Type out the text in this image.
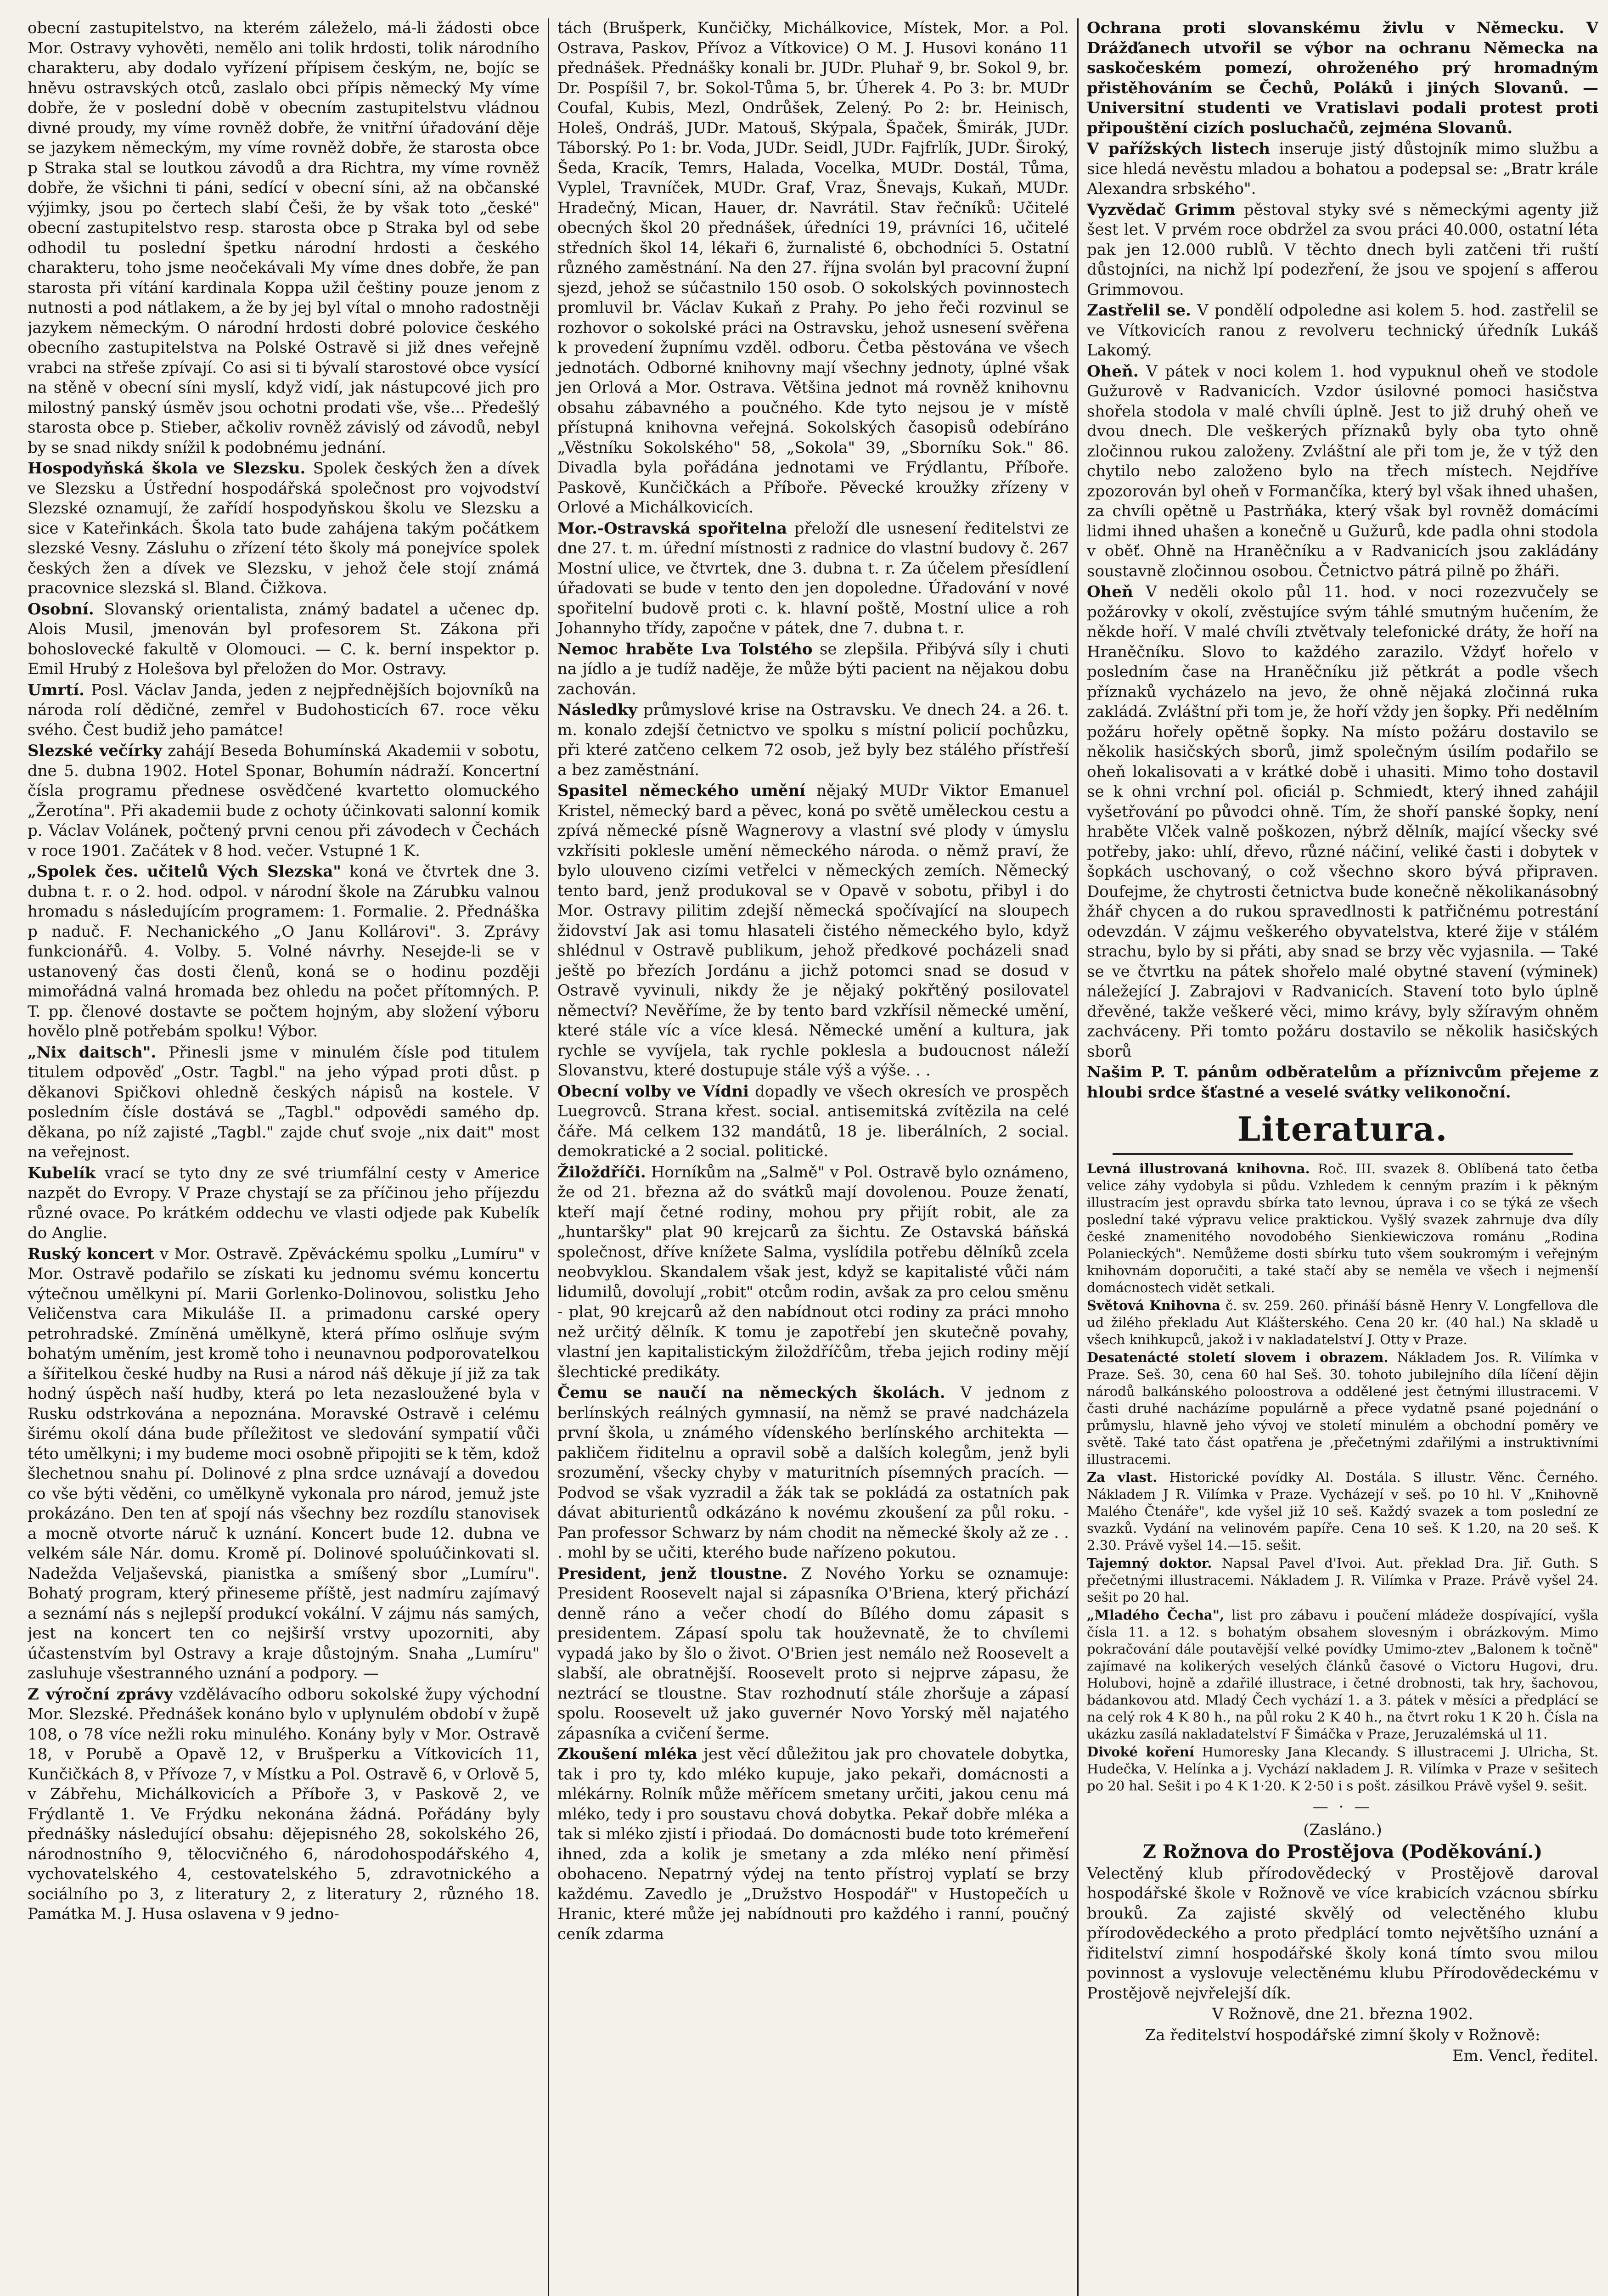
obecní zastupitelstvo, na kterém záleželo, má-li žádosti obce Mor. Ostravy vyhověti, nemělo ani tolik hrdosti, tolik národního charakteru, aby dodalo vyřízení přípisem českým, ne, bojíc se hněvu ostravských otců, zaslalo obci přípis německý My víme dobře, že v poslední době v obecním zastupitelstvu vládnou divné proudy, my víme rovněž dobře, že vnitřní úřadování děje se jazykem německým, my víme rovněž dobře, že starosta obce p Straka stal se loutkou závodů a dra Richtra, my víme rovněž dobře, že všichni ti páni, sedící v obecní síni, až na občanské výjimky, jsou po čertech slabí Češi, že by však toto „české" obecní zastupitelstvo resp. starosta obce p Straka byl od sebe odhodil tu poslední špetku národní hrdosti a českého charakteru, toho jsme neočekávali My víme dnes dobře, že pan starosta při vítání kardinala Koppa užil češtiny pouze jenom z nutnosti a pod nátlakem, a že by jej byl vítal o mnoho radostněji jazykem německým. O národní hrdosti dobré polovice českého obecního zastupitelstva na Polské Ostravě si již dnes veřejně vrabci na střeše zpívají. Co asi si ti bývalí starostové obce vysící na stěně v obecní síni myslí, když vidí, jak nástupcové jich pro milostný panský úsměv jsou ochotni prodati vše, vše... Předešlý starosta obce p. Stieber, ačkoliv rovněž závislý od závodů, nebyl by se snad nikdy snížil k podobnému jednání.
Hospodyňská škola ve Slezsku. Spolek českých žen a dívek ve Slezsku a Ústřední hospodářská společnost pro vojvodství Slezské oznamují, že zařídí hospodyňskou školu ve Slezsku a sice v Kateřinkách. Škola tato bude zahájena takým počátkem slezské Vesny. Zásluhu o zřízení této školy má ponejvíce spolek českých žen a dívek ve Slezsku, v jehož čele stojí známá pracovnice slezská sl. Bland. Čižkova.
Osobní. Slovanský orientalista, známý badatel a učenec dp. Alois Musil, jmenován byl profesorem St. Zákona při bohoslovecké fakultě v Olomouci. — C. k. berní inspektor p. Emil Hrubý z Holešova byl přeložen do Mor. Ostravy.
Umrtí. Posl. Václav Janda, jeden z nejpřednějších bojovníků na národa rolí dědičné, zemřel v Budohosticích 67. roce věku svého. Čest budiž jeho památce!
Slezské večírky zahájí Beseda Bohumínská Akademii v sobotu, dne 5. dubna 1902. Hotel Sponar, Bohumín nádraží. Koncertní čísla programu přednese osvědčené kvartetto olomuckého „Žerotína". Při akademii bude z ochoty účinkovati salonní komik p. Václav Volánek, počtený prvni cenou při závodech v Čechách v roce 1901. Začátek v 8 hod. večer. Vstupné 1 K.
„Spolek čes. učitelů Vých Slezska" koná ve čtvrtek dne 3. dubna t. r. o 2. hod. odpol. v národní škole na Zárubku valnou hromadu s následujícím programem: 1. Formalie. 2. Přednáška p naduč. F. Nechanického „O Janu Kollárovi". 3. Zprávy funkcionářů. 4. Volby. 5. Volné návrhy. Nesejde-li se v ustanovený čas dosti členů, koná se o hodinu později mimořádná valná hromada bez ohledu na počet přítomných. P. T. pp. členové dostavte se počtem hojným, aby složení výboru hovělo plně potřebám spolku! Výbor.
„Nix daitsch". Přinesli jsme v minulém čísle pod titulem titulem odpověď „Ostr. Tagbl." na jeho výpad proti důst. p děkanovi Spičkovi ohledně českých nápisů na kostele. V posledním čísle dostává se „Tagbl." odpovědi samého dp. děkana, po níž zajisté „Tagbl." zajde chuť svoje „nix dait" most na veřejnost.
Kubelík vrací se tyto dny ze své triumfální cesty v Americe nazpět do Evropy. V Praze chystají se za příčinou jeho příjezdu různé ovace. Po krátkém oddechu ve vlasti odjede pak Kubelík do Anglie.
Ruský koncert v Mor. Ostravě. Zpěváckému spolku „Lumíru" v Mor. Ostravě podařilo se získati ku jednomu svému koncertu výtečnou umělkyni pí. Marii Gorlenko-Dolinovou, solistku Jeho Veličenstva cara Mikuláše II. a primadonu carské opery petrohradské. Zmíněná umělkyně, která přímo oslňuje svým bohatým uměním, jest kromě toho i neunavnou podporovatelkou a šířitelkou české hudby na Rusi a národ náš děkuje jí již za tak hodný úspěch naší hudby, která po leta nezasloužené byla v Rusku odstrkována a nepoznána. Moravské Ostravě i celému širému okolí dána bude příležitost ve sledování sympatií vůči této umělkyni; i my budeme moci osobně připojiti se k těm, kdož šlechetnou snahu pí. Dolinové z plna srdce uznávají a dovedou co vše býti věděni, co umělkyně vykonala pro národ, jemuž jste prokázáno. Den ten ať spojí nás všechny bez rozdílu stanovisek a mocně otvorte náruč k uznání. Koncert bude 12. dubna ve velkém sále Nár. domu. Kromě pí. Dolinové spoluúčinkovati sl. Nadežda Veljaševská, pianistka a smíšený sbor „Lumíru". Bohatý program, který přineseme příště, jest nadmíru zajímavý a seznámí nás s nejlepší produkcí vokální. V zájmu nás samých, jest na koncert ten co nejširší vrstvy upozorniti, aby účastenstvím byl Ostravy a kraje důstojným. Snaha „Lumíru" zasluhuje všestranného uznání a podpory. —
Z výroční zprávy vzdělávacího odboru sokolské župy východní Mor. Slezské. Přednášek konáno bylo v uplynulém období v župě 108, o 78 více nežli roku minulého. Konány byly v Mor. Ostravě 18, v Porubě a Opavě 12, v Brušperku a Vítkovicích 11, Kunčičkách 8, v Přívoze 7, v Místku a Pol. Ostravě 6, v Orlově 5, v Zábřehu, Michálkovicích a Příboře 3, v Paskově 2, ve Frýdlantě 1. Ve Frýdku nekonána žádná. Pořádány byly přednášky následující obsahu: dějepisného 28, sokolského 26, národnostního 9, tělocvičného 6, národohospodářského 4, vychovatelského 4, cestovatelského 5, zdravotnického a sociálního po 3, z literatury 2, z literatury 2, různého 18. Památka M. J. Husa oslavena v 9 jedno-
tách (Brušperk, Kunčičky, Michálkovice, Místek, Mor. a Pol. Ostrava, Paskov, Přívoz a Vítkovice) O M. J. Husovi konáno 11 přednášek. Přednášky konali br. JUDr. Pluhař 9, br. Sokol 9, br. Dr. Pospíšil 7, br. Sokol-Tůma 5, br. Úherek 4. Po 3: br. MUDr Coufal, Kubis, Mezl, Ondrůšek, Zelený. Po 2: br. Heinisch, Holeš, Ondráš, JUDr. Matouš, Skýpala, Špaček, Šmirák, JUDr. Táborský. Po 1: br. Voda, JUDr. Seidl, JUDr. Fajfrlík, JUDr. Široký, Šeda, Kracík, Temrs, Halada, Vocelka, MUDr. Dostál, Tůma, Vyplel, Travníček, MUDr. Graf, Vraz, Šnevajs, Kukaň, MUDr. Hradečný, Mican, Hauer, dr. Navrátil. Stav řečníků: Učitelé obecných škol 20 přednášek, úředníci 19, právníci 16, učitelé středních škol 14, lékaři 6, žurnalisté 6, obchodníci 5. Ostatní různého zaměstnání. Na den 27. října svolán byl pracovní župní sjezd, jehož se súčastnilo 150 osob. O sokolských povinnostech promluvil br. Václav Kukaň z Prahy. Po jeho řeči rozvinul se rozhovor o sokolské práci na Ostravsku, jehož usnesení svěřena k provedení župnímu vzděl. odboru. Četba pěstována ve všech jednotách. Odborné knihovny mají všechny jednoty, úplné však jen Orlová a Mor. Ostrava. Většina jednot má rovněž knihovnu obsahu zábavného a poučného. Kde tyto nejsou je v místě přístupná knihovna veřejná. Sokolských časopisů odebíráno „Věstníku Sokolského" 58, „Sokola" 39, „Sborníku Sok." 86. Divadla byla pořádána jednotami ve Frýdlantu, Příboře. Paskově, Kunčičkách a Příboře. Pěvecké kroužky zřízeny v Orlové a Michálkovicích.
Mor.-Ostravská spořitelna přeloží dle usnesení ředitelstvi ze dne 27. t. m. úřední místnosti z radnice do vlastní budovy č. 267 Mostní ulice, ve čtvrtek, dne 3. dubna t. r. Za účelem přesídlení úřadovati se bude v tento den jen dopoledne. Úřadování v nové spořitelní budově proti c. k. hlavní poště, Mostní ulice a roh Johannyho třídy, započne v pátek, dne 7. dubna t. r.
Nemoc hraběte Lva Tolstého se zlepšila. Přibývá síly i chuti na jídlo a je tudíž naděje, že může býti pacient na nějakou dobu zachován.
Následky průmyslové krise na Ostravsku. Ve dnech 24. a 26. t. m. konalo zdejší četnictvo ve spolku s místní policií pochůzku, při které zatčeno celkem 72 osob, jež byly bez stálého přístřeší a bez zaměstnání.
Spasitel německého umění nějaký MUDr Viktor Emanuel Kristel, německý bard a pěvec, koná po světě uměleckou cestu a zpívá německé písně Wagnerovy a vlastní své plody v úmyslu vzkřísiti poklesle umění německého národa. o němž praví, že bylo ulouveno cizími vetřelci v německých zemích. Německý tento bard, jenž produkoval se v Opavě v sobotu, přibyl i do Mor. Ostravy pilitim zdejší německá spočívající na sloupech židovství Jak asi tomu hlasateli čistého německého bylo, když shlédnul v Ostravě publikum, jehož předkové pocházeli snad ještě po březích Jordánu a jichž potomci snad se dosud v Ostravě vyvinuli, nikdy že je nějaký pokřtěný posilovatel němectví? Nevěříme, že by tento bard vzkřísil německé umění, které stále víc a více klesá. Německé umění a kultura, jak rychle se vyvíjela, tak rychle poklesla a budoucnost náleží Slovanstvu, které dostupuje stále výš a výše. . .
Obecní volby ve Vídni dopadly ve všech okresích ve prospěch Luegrovců. Strana křest. social. antisemitská zvítězila na celé čáře. Má celkem 132 mandátů, 18 je. liberálních, 2 social. demokratické a 2 social. politické.
Žiloždříči. Horníkům na „Salmě" v Pol. Ostravě bylo oznámeno, že od 21. března až do svátků mají dovolenou. Pouze ženatí, kteří mají četné rodiny, mohou pry přijít robit, ale za „huntaršky" plat 90 krejcarů za šichtu. Ze Ostavská báňská společnost, dříve knížete Salma, vyslídila potřebu dělníků zcela neobvyklou. Skandalem však jest, když se kapitalisté vůči nám lidumilů, dovolují „robit" otcům rodin, avšak za pro celou směnu - plat, 90 krejcarů až den nabídnout otci rodiny za práci mnoho než určitý dělník. K tomu je zapotřebí jen skutečně povahy, vlastní jen kapitalistickým žiloždříčům, třeba jejich rodiny mějí šlechtické predikáty.
Čemu se naučí na německých školách. V jednom z berlínských reálných gymnasií, na němž se pravé nadcházela první škola, u známého vídenského berlínského architekta — pakličem řiditelnu a opravil sobě a dalších kolegům, jenž byli srozumění, všecky chyby v maturitních písemných pracích. — Podvod se však vyzradil a žák tak se pokládá za ostatních pak dávat abiturientů odkázáno k novému zkoušení za půl roku. - Pan professor Schwarz by nám chodit na německé školy až ze . . . mohl by se učiti, kterého bude nařízeno pokutou.
President, jenž tloustne. Z Nového Yorku se oznamuje: President Roosevelt najal si zápasníka O'Briena, který přichází denně ráno a večer chodí do Bílého domu zápasit s presidentem. Zápasí spolu tak houževnatě, že to chvílemi vypadá jako by šlo o život. O'Brien jest nemálo než Roosevelt a slabší, ale obratnější. Roosevelt proto si nejprve zápasu, že neztrácí se tloustne. Stav rozhodnutí stále zhoršuje a zápasí spolu. Roosevelt už jako guvernér Novo Yorský měl najatého zápasníka a cvičení šerme.
Zkoušení mléka jest věcí důležitou jak pro chovatele dobytka, tak i pro ty, kdo mléko kupuje, jako pekaři, domácnosti a mlékárny. Rolník může měřícem smetany určiti, jakou cenu má mléko, tedy i pro soustavu chová dobytka. Pekař dobře mléka a tak si mléko zjistí i přiodaá. Do domácnosti bude toto krémeření ihned, zda a kolik je smetany a zda mléko není přiměsí obohaceno. Nepatrný výdej na tento přístroj vyplatí se brzy každému. Zavedlo je „Družstvo Hospodář" v Hustopečích u Hranic, které může jej nabídnouti pro každého i ranní, poučný ceník zdarma
Ochrana proti slovanskému živlu v Německu. V Drážďanech utvořil se výbor na ochranu Německa na saskočeském pomezí, ohroženého prý hromadným přistěhováním se Čechů, Poláků i jiných Slovanů. — Universitní studenti ve Vratislavi podali protest proti připouštění cizích posluchačů, zejména Slovanů.
V pařížských listech inseruje jistý důstojník mimo službu a sice hledá nevěstu mladou a bohatou a podepsal se: „Bratr krále Alexandra srbského".
Vyzvědač Grimm pěstoval styky své s německými agenty již šest let. V prvém roce obdržel za svou práci 40.000, ostatní léta pak jen 12.000 rublů. V těchto dnech byli zatčeni tři ruští důstojníci, na nichž lpí podezření, že jsou ve spojení s afferou Grimmovou.
Zastřelil se. V pondělí odpoledne asi kolem 5. hod. zastřelil se ve Vítkovicích ranou z revolveru technický úředník Lukáš Lakomý.
Oheň. V pátek v noci kolem 1. hod vypuknul oheň ve stodole Gužurově v Radvanicích. Vzdor úsilovné pomoci hasičstva shořela stodola v malé chvíli úplně. Jest to již druhý oheň ve dvou dnech. Dle veškerých příznaků byly oba tyto ohně zločinnou rukou založeny. Zvláštní ale při tom je, že v týž den chytilo nebo založeno bylo na třech místech. Nejdříve zpozorován byl oheň v Formančíka, který byl však ihned uhašen, za chvíli opětně u Pastrňáka, který však byl rovněž domácími lidmi ihned uhašen a konečně u Gužurů, kde padla ohni stodola v oběť. Ohně na Hraněčníku a v Radvanicích jsou zakládány soustavně zločinnou osobou. Četnictvo pátrá pilně po žháři.
Oheň V neděli okolo půl 11. hod. v noci rozezvučely se požárovky v okolí, zvěstujíce svým táhlé smutným hučením, že někde hoří. V malé chvíli ztvětvaly telefonické dráty, že hoří na Hraněčníku. Slovo to každého zarazilo. Vždyť hořelo v posledním čase na Hraněčníku již pětkrát a podle všech příznaků vycházelo na jevo, že ohně nějaká zločinná ruka zakládá. Zvláštní při tom je, že hoří vždy jen šopky. Při nedělním požáru hořely opětně šopky. Na místo požáru dostavilo se několik hasičských sborů, jimž společným úsilím podařilo se oheň lokalisovati a v krátké době i uhasiti. Mimo toho dostavil se k ohni vrchní pol. oficiál p. Schmiedt, který ihned zahájil vyšetřování po původci ohně. Tím, že shoří panské šopky, není hraběte Vlček valně poškozen, nýbrž dělník, mající všecky své potřeby, jako: uhlí, dřevo, různé náčiní, veliké časti i dobytek v šopkách uschovaný, o což všechno skoro bývá připraven. Doufejme, že chytrosti četnictva bude konečně několikanásobný žhář chycen a do rukou spravedlnosti k patřičnému potrestání odevzdán. V zájmu veškerého obyvatelstva, které žije v stálém strachu, bylo by si přáti, aby snad se brzy věc vyjasnila. — Také se ve čtvrtku na pátek shořelo malé obytné stavení (výminek) náležející J. Zabrajovi v Radvanicích. Stavení toto bylo úplně dřevěné, takže veškeré věci, mimo krávy, byly sžíravým ohněm zachváceny. Při tomto požáru dostavilo se několik hasičských sborů
Našim P. T. pánům odběratelům a příznivcům přejeme z hloubi srdce šťastné a veselé svátky velikonoční.
Literatura.
Levná illustrovaná knihovna. Roč. III. svazek 8. Oblíbená tato četba velice záhy vydobyla si půdu. Vzhledem k cenným prazím i k pěkným illustracím jest opravdu sbírka tato levnou, úprava i co se týká ze všech poslední také výpravu velice praktickou. Vyšlý svazek zahrnuje dva díly české znamenitého novodobého Sienkiewiczova románu „Rodina Polanieckých". Nemůžeme dosti sbírku tuto všem soukromým i veřejným knihovnám doporučiti, a také stačí aby se neměla ve všech i nejmenší domácnostech vidět setkali.
Světová Knihovna č. sv. 259. 260. přináší básně Henry V. Longfellova dle ud žilého překladu Aut Klášterského. Cena 20 kr. (40 hal.) Na skladě u všech knihkupců, jakož i v nakladatelství J. Otty v Praze.
Desatenácté století slovem i obrazem. Nákladem Jos. R. Vilímka v Praze. Seš. 30, cena 60 hal Seš. 30. tohoto jubilejního díla líčení dějin národů balkánského poloostrova a oddělené jest četnými illustracemi. V časti druhé nacházíme populárně a přece vydatně psané pojednání o průmyslu, hlavně jeho vývoj ve století minulém a obchodní poměry ve světě. Také tato část opatřena je ,přečetnými zdařilými a instruktivními illustracemi.
Za vlast. Historické povídky Al. Dostála. S illustr. Věnc. Černého. Nákladem J R. Vilímka v Praze. Vycházejí v seš. po 10 hl. V „Knihovně Malého Čtenáře", kde vyšel již 10 seš. Každý svazek a tom poslední ze svazků. Vydání na velinovém papíře. Cena 10 seš. K 1.20, na 20 seš. K 2.30. Právě vyšel 14.—15. sešit.
Tajemný doktor. Napsal Pavel d'Ivoi. Aut. překlad Dra. Jiř. Guth. S přečetnými illustracemi. Nákladem J. R. Vilímka v Praze. Právě vyšel 24. sešit po 20 hal.
„Mladého Čecha", list pro zábavu i poučení mládeže dospívající, vyšla čísla 11. a 12. s bohatým obsahem slovesným i obrázkovým. Mimo pokračování dále poutavější velké povídky Umimo-ztev „Balonem k točně" zajímavé na kolikerých veselých článků časové o Victoru Hugovi, dru. Holubovi, hojně a zdařilé illustrace, i četné drobnosti, tak hry, šachovou, bádankovou atd. Mladý Čech vychází 1. a 3. pátek v měsíci a předplácí se na celý rok 4 K 80 h., na půl roku 2 K 40 h., na čtvrt roku 1 K 20 h. Čísla na ukázku zasílá nakladatelství F Šimáčka v Praze, Jeruzalémská ul 11.
Divoké koření Humoresky Jana Klecandy. S illustracemi J. Ulricha, St. Hudečka, V. Helínka a j. Vychází nakladem J. R. Vilímka v Praze v sešitech po 20 hal. Sešit i po 4 K 1·20. K 2·50 i s pošt. zásilkou Právě vyšel 9. sešit.
— · —
(Zasláno.)
Z Rožnova do Prostějova (Poděkování.)
Velectěný klub přírodovědecký v Prostějově daroval hospodářské škole v Rožnově ve více krabicích vzácnou sbírku brouků. Za zajisté skvělý od velectěného klubu přírodovědeckého a proto předplácí tomto největšího uznání a řiditelství zimní hospodářské školy koná tímto svou milou povinnost a vyslovuje velectěnému klubu Přírodovědeckému v Prostějově nejvřelejší dík.
V Rožnově, dne 21. března 1902.
Za ředitelství hospodářské zimní školy v Rožnově:
Em. Vencl, ředitel.
